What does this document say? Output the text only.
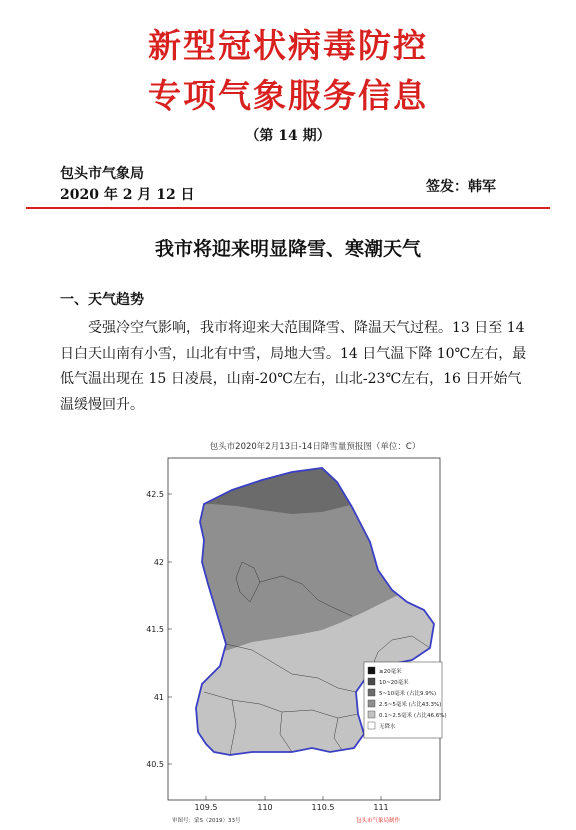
新型冠状病毒防控
专项气象服务信息
（第 14 期）
包头市气象局
2020 年 2 月 12 日	签发：韩军
我市将迎来明显降雪、寒潮天气
一、天气趋势

受强冷空气影响，我市将迎来大范围降雪、降温天气过程。13 日至 14 日白天山南有小雪，山北有中雪，局地大雪。14 日气温下降 10℃左右，最低气温出现在 15 日凌晨，山南-20℃左右，山北-23℃左右，16 日开始气温缓慢回升。

包头市2020年2月13日-14日降雪量预报图（单位：C）
42.5
42
41.5
41
40.5
109.5	110	110.5	111
≥20毫米
10~20毫米
5~10毫米 (占比9.9%)
2.5~5毫米 (占比43.3%)
0.1~2.5毫米 (占比46.6%)
无降水
审图号：蒙S（2019）33号	包头市气象局制作
